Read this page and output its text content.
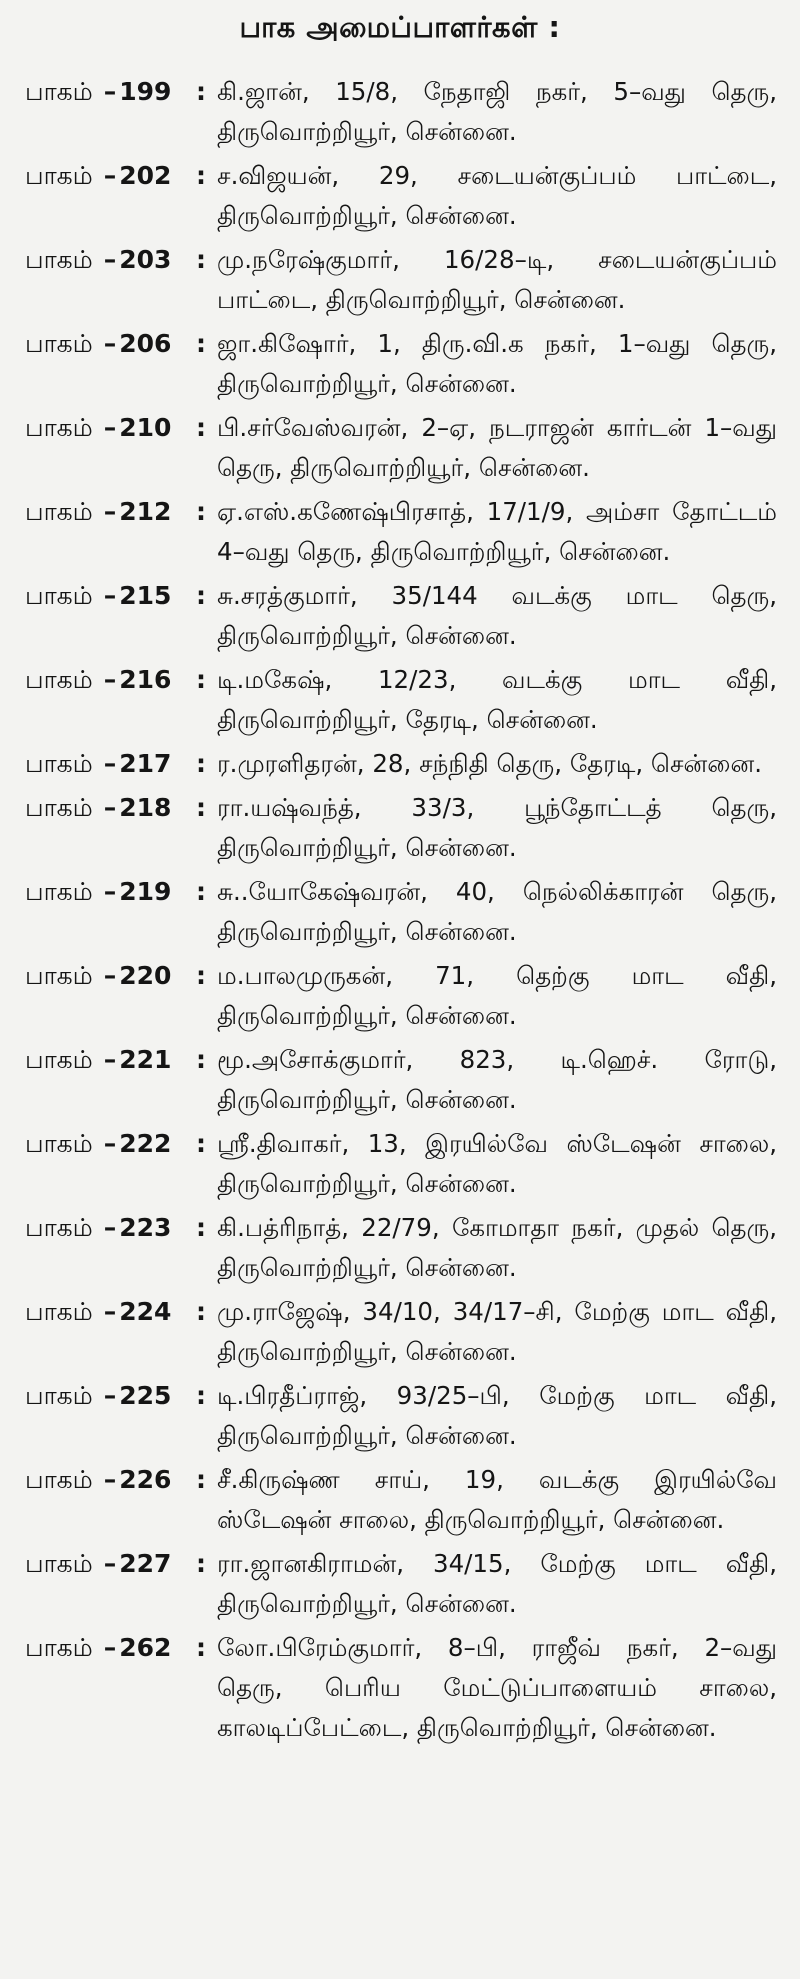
பாக அமைப்பாளர்கள் :
பாகம் – 199 : கி.ஜான், 15/8, நேதாஜி நகர், 5–வது தெரு, திருவொற்றியூர், சென்னை.
பாகம் – 202 : ச.விஜயன், 29, சடையன்குப்பம் பாட்டை, திருவொற்றியூர், சென்னை.
பாகம் – 203 : மு.நரேஷ்குமார், 16/28–டி, சடையன்குப்பம் பாட்டை, திருவொற்றியூர், சென்னை.
பாகம் – 206 : ஜா.கிஷோர், 1, திரு.வி.க நகர், 1–வது தெரு, திருவொற்றியூர், சென்னை.
பாகம் – 210 : பி.சர்வேஸ்வரன், 2–ஏ, நடராஜன் கார்டன் 1–வது தெரு, திருவொற்றியூர், சென்னை.
பாகம் – 212 : ஏ.எஸ்.கணேஷ்பிரசாத், 17/1/9, அம்சா தோட்டம் 4–வது தெரு, திருவொற்றியூர், சென்னை.
பாகம் – 215 : சு.சரத்குமார், 35/144 வடக்கு மாட தெரு, திருவொற்றியூர், சென்னை.
பாகம் – 216 : டி.மகேஷ், 12/23, வடக்கு மாட வீதி, திருவொற்றியூர், தேரடி, சென்னை.
பாகம் – 217 : ர.முரளிதரன், 28, சந்நிதி தெரு, தேரடி, சென்னை.
பாகம் – 218 : ரா.யஷ்வந்த், 33/3, பூந்தோட்டத் தெரு, திருவொற்றியூர், சென்னை.
பாகம் – 219 : சு..யோகேஷ்வரன், 40, நெல்லிக்காரன் தெரு, திருவொற்றியூர், சென்னை.
பாகம் – 220 : ம.பாலமுருகன், 71, தெற்கு மாட வீதி, திருவொற்றியூர், சென்னை.
பாகம் – 221 : மூ.அசோக்குமார், 823, டி.ஹெச். ரோடு, திருவொற்றியூர், சென்னை.
பாகம் – 222 : ஸ்ரீ.திவாகர், 13, இரயில்வே ஸ்டேஷன் சாலை, திருவொற்றியூர், சென்னை.
பாகம் – 223 : கி.பத்ரிநாத், 22/79, கோமாதா நகர், முதல் தெரு, திருவொற்றியூர், சென்னை.
பாகம் – 224 : மு.ராஜேஷ், 34/10, 34/17–சி, மேற்கு மாட வீதி, திருவொற்றியூர், சென்னை.
பாகம் – 225 : டி.பிரதீப்ராஜ், 93/25–பி, மேற்கு மாட வீதி, திருவொற்றியூர், சென்னை.
பாகம் – 226 : சீ.கிருஷ்ண சாய், 19, வடக்கு இரயில்வே ஸ்டேஷன் சாலை, திருவொற்றியூர், சென்னை.
பாகம் – 227 : ரா.ஜானகிராமன், 34/15, மேற்கு மாட வீதி, திருவொற்றியூர், சென்னை.
பாகம் – 262 : லோ.பிரேம்குமார், 8–பி, ராஜீவ் நகர், 2–வது தெரு, பெரிய மேட்டுப்பாளையம் சாலை, காலடிப்பேட்டை, திருவொற்றியூர், சென்னை.
